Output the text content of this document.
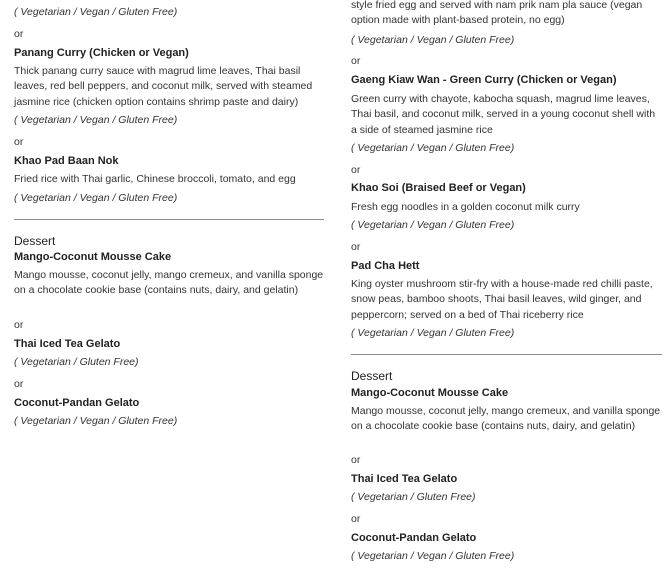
( Vegetarian / Vegan / Gluten Free)

or

Panang Curry (Chicken or Vegan)

Thick panang curry sauce with magrud lime leaves, Thai basil leaves, red bell peppers, and coconut milk, served with steamed jasmine rice (chicken option contains shrimp paste and dairy)

( Vegetarian / Vegan / Gluten Free)

or

Khao Pad Baan Nok

Fried rice with Thai garlic, Chinese broccoli, tomato, and egg

( Vegetarian / Vegan / Gluten Free)

Dessert

Mango-Coconut Mousse Cake

Mango mousse, coconut jelly, mango cremeux, and vanilla sponge on a chocolate cookie base (contains nuts, dairy, and gelatin)

or

Thai Iced Tea Gelato

( Vegetarian / Gluten Free)

or

Coconut-Pandan Gelato

( Vegetarian / Vegan / Gluten Free)

style fried egg and served with nam prik nam pla sauce (vegan option made with plant-based protein, no egg)

( Vegetarian / Vegan / Gluten Free)

or

Gaeng Kiaw Wan - Green Curry (Chicken or Vegan)

Green curry with chayote, kabocha squash, magrud lime leaves, Thai basil, and coconut milk, served in a young coconut shell with a side of steamed jasmine rice

( Vegetarian / Vegan / Gluten Free)

or

Khao Soi (Braised Beef or Vegan)

Fresh egg noodles in a golden coconut milk curry

( Vegetarian / Vegan / Gluten Free)

or

Pad Cha Hett

King oyster mushroom stir-fry with a house-made red chilli paste, snow peas, bamboo shoots, Thai basil leaves, wild ginger, and peppercorn; served on a bed of Thai riceberry rice

( Vegetarian / Vegan / Gluten Free)

Dessert

Mango-Coconut Mousse Cake

Mango mousse, coconut jelly, mango cremeux, and vanilla sponge on a chocolate cookie base (contains nuts, dairy, and gelatin)

or

Thai Iced Tea Gelato

( Vegetarian / Gluten Free)

or

Coconut-Pandan Gelato

( Vegetarian / Vegan / Gluten Free)
